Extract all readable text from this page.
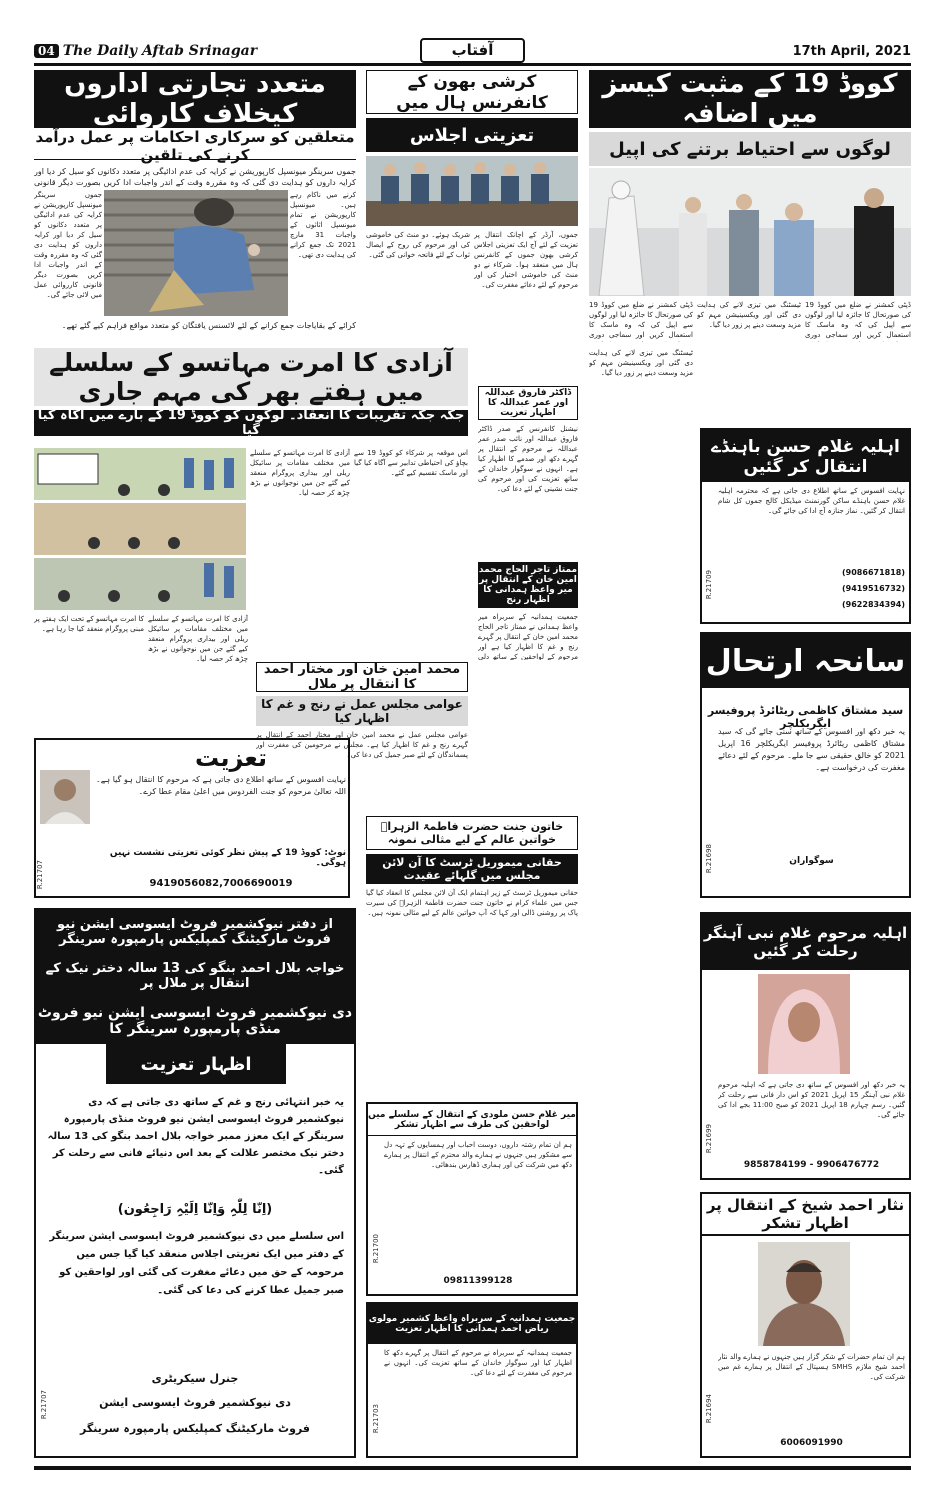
04 The Daily Aftab Srinagar	17th April, 2021
آفتاب
متعدد تجارتی اداروں کیخلاف کاروائی
متعلقین کو سرکاری احکامات پر عمل درآمد کرنے کی تلقین
جموں سرینگر میونسپل کارپوریشن نے کرایہ کی عدم ادائیگی پر متعدد دکانوں کو سیل کر دیا اور کرایہ داروں کو ہدایت دی گئی کہ وہ مقررہ وقت کے اندر واجبات ادا کریں بصورت دیگر قانونی
کرنے میں ناکام رہے ہیں۔ میونسپل کارپوریشن نے تمام میونسپل اثاثوں کے واجبات 31 مارچ 2021 تک جمع کرانے کی ہدایت دی تھی۔
جموں سرینگر میونسپل کارپوریشن نے کرایہ کی عدم ادائیگی پر متعدد دکانوں کو سیل کر دیا اور کرایہ داروں کو ہدایت دی گئی کہ وہ مقررہ وقت کے اندر واجبات ادا کریں بصورت دیگر قانونی کارروائی عمل میں لائی جائے گی۔
کرائے کے بقایاجات جمع کرانے کے لئے لائسنس یافتگان کو متعدد مواقع فراہم کیے گئے تھے۔
کرشی بھون کے کانفرنس ہال میں
تعزیتی اجلاس
جموں، آرڈر کے اچانک انتقال پر تعزیت کے لئے آج ایک تعزیتی اجلاس کرشی بھون جموں کے کانفرنس ہال میں منعقد ہوا۔ شرکاء نے دو منٹ کی خاموشی اختیار کی اور مرحوم کے لئے دعائے مغفرت کی۔
شریک ہوئے۔ دو منٹ کی خاموشی کی اور مرحوم کی روح کے ایصال ثواب کے لئے فاتحہ خوانی کی گئی۔
کووڈ 19 کے مثبت کیسز میں اضافہ
لوگوں سے احتیاط برتنے کی اپیل
ڈپٹی کمشنر نے ضلع میں کووڈ 19 کی صورتحال کا جائزہ لیا اور لوگوں سے اپیل کی کہ وہ ماسک کا استعمال کریں اور سماجی دوری
ٹیسٹنگ میں تیزی لانے کی ہدایت دی گئی اور ویکسینیشن مہم کو مزید وسعت دینے پر زور دیا گیا۔
ڈپٹی کمشنر نے ضلع میں کووڈ 19 کی صورتحال کا جائزہ لیا اور لوگوں سے اپیل کی کہ وہ ماسک کا استعمال کریں اور سماجی دوری
آزادی کا امرت مہاتسو کے سلسلے میں ہفتے بھر کی مہم جاری
جگہ جگہ تقریبات کا انعقاد۔ لوگوں کو کووڈ 19 کے بارے میں آگاہ کیا گیا
آزادی کا امرت مہاتسو کے سلسلے میں مختلف مقامات پر سائیکل ریلی اور بیداری پروگرام منعقد کیے گئے جن میں نوجوانوں نے بڑھ چڑھ کر حصہ لیا۔
اس موقعہ پر شرکاء کو کووڈ 19 سے بچاؤ کی احتیاطی تدابیر سے آگاہ کیا گیا اور ماسک تقسیم کیے گئے۔
کا امرت مہاتسو کے تحت ایک ہفتے پر مبنی پروگرام منعقد کیا جا رہا ہے۔
آزادی کا امرت مہاتسو کے سلسلے میں مختلف مقامات پر سائیکل ریلی اور بیداری پروگرام منعقد کیے گئے جن میں نوجوانوں نے بڑھ چڑھ کر حصہ لیا۔
محمد امین خان اور مختار احمد کا انتقال پر ملال
عوامی مجلس عمل نے رنج و غم کا اظہار کیا
عوامی مجلس عمل نے محمد امین خان اور مختار احمد کے انتقال پر گہرے رنج و غم کا اظہار کیا ہے۔ مجلس نے مرحومین کی مغفرت اور پسماندگان کے لئے صبر جمیل کی دعا کی۔
ڈاکٹر فاروق عبداللہ اور عمر عبداللہ کا اظہار تعزیت
نیشنل کانفرنس کے صدر ڈاکٹر فاروق عبداللہ اور نائب صدر عمر عبداللہ نے مرحوم کے انتقال پر گہرے دکھ اور صدمے کا اظہار کیا ہے۔ انہوں نے سوگوار خاندان کے ساتھ تعزیت کی اور مرحوم کی جنت نشینی کے لئے دعا کی۔
ممتاز تاجر الحاج محمد امین خان کے انتقال پر میر واعظ ہمدانی کا اظہار رنج
جمعیت ہمدانیہ کے سربراہ میر واعظ ہمدانی نے ممتاز تاجر الحاج محمد امین خان کے انتقال پر گہرے رنج و غم کا اظہار کیا ہے اور مرحوم کے لواحقین کے ساتھ دلی
خاتون جنت حضرت فاطمۃ الزہراؑ خواتین عالم کے لیے مثالی نمونہ
حقانی میموریل ٹرسٹ کا آن لائن مجلس میں گلہائے عقیدت
حقانی میموریل ٹرسٹ کے زیر اہتمام ایک آن لائن مجلس کا انعقاد کیا گیا جس میں علماء کرام نے خاتون جنت حضرت فاطمۃ الزہراؑ کی سیرت پاک پر روشنی ڈالی اور کہا کہ آپ خواتین عالم کے لیے مثالی نمونہ ہیں۔
تعزیت
نہایت افسوس کے ساتھ اطلاع دی جاتی ہے کہ مرحوم کا انتقال ہو گیا ہے۔ اللہ تعالیٰ مرحوم کو جنت الفردوس میں اعلیٰ مقام عطا کرے۔
نوٹ: کووڈ 19 کے پیش نظر کوئی تعزیتی نشست نہیں ہوگی۔
9419056082,7006690019
از دفتر نیوکشمیر فروٹ ایسوسی ایشن نیو فروٹ مارکیٹنگ کمپلیکس پارمپورہ سرینگر
خواجہ بلال احمد بنگو کی 13 سالہ دختر نیک کے انتقال پر ملال پر
دی نیوکشمیر فروٹ ایسوسی ایشن نیو فروٹ منڈی پارمپورہ سرینگر کا
اظہار تعزیت
یہ خبر انتہائی رنج و غم کے ساتھ دی جاتی ہے کہ دی نیوکشمیر فروٹ ایسوسی ایشن نیو فروٹ منڈی پارمپورہ سرینگر کے ایک معزز ممبر خواجہ بلال احمد بنگو کی 13 سالہ دختر نیک مختصر علالت کے بعد اس دنیائے فانی سے رحلت کر گئی۔
(اِنّا لِلّٰہِ وَاِنّا اِلَیْہِ رَاجِعُون)
اس سلسلے میں دی نیوکشمیر فروٹ ایسوسی ایشن سرینگر کے دفتر میں ایک تعزیتی اجلاس منعقد کیا گیا جس میں مرحومہ کے حق میں دعائے مغفرت کی گئی اور لواحقین کو صبر جمیل عطا کرنے کی دعا کی گئی۔
جنرل سیکریٹری
دی نیوکشمیر فروٹ ایسوسی ایشن
فروٹ مارکیٹنگ کمپلیکس پارمپورہ سرینگر
R.21707
میر غلام حسن ملودی کے انتقال کے سلسلے میں لواحقین کی طرف سے اظہار تشکر
ہم ان تمام رشتہ داروں، دوست احباب اور ہمسایوں کے تہہ دل سے مشکور ہیں جنہوں نے ہمارے والد محترم کے انتقال پر ہمارے دکھ میں شرکت کی اور ہماری ڈھارس بندھائی۔
09811399128
R.21700
جمعیت ہمدانیہ کے سربراہ واعظ کشمیر مولوی ریاض احمد ہمدانی کا اظہار تعزیت
جمعیت ہمدانیہ کے سربراہ نے مرحوم کے انتقال پر گہرے دکھ کا اظہار کیا اور سوگوار خاندان کے ساتھ تعزیت کی۔ انہوں نے مرحوم کی مغفرت کے لئے دعا کی۔
R.21703
اہلیہ غلام حسن باہنڈے انتقال کر گئیں
نہایت افسوس کے ساتھ اطلاع دی جاتی ہے کہ محترمہ اہلیہ غلام حسن باہنڈے ساکن گورنمنٹ میڈیکل کالج جموں کل شام انتقال کر گئیں۔ نماز جنازہ آج ادا کی جائے گی۔
(9086671818)
(9419516732)
(9622834394)
R.21709
سانحہ ارتحال
سید مشتاق کاظمی ریٹائرڈ پروفیسر ایگریکلچر
یہ خبر دکھ اور افسوس کے ساتھ سنی جائے گی کہ سید مشتاق کاظمی ریٹائرڈ پروفیسر ایگریکلچر 16 اپریل 2021 کو خالق حقیقی سے جا ملے۔ مرحوم کے لئے دعائے مغفرت کی درخواست ہے۔
سوگواران
R.21698
اہلیہ مرحوم غلام نبی آہنگر رحلت کر گئیں
یہ خبر دکھ اور افسوس کے ساتھ دی جاتی ہے کہ اہلیہ مرحوم غلام نبی آہنگر 15 اپریل 2021 کو اس دار فانی سے رحلت کر گئیں۔ رسم چہارم 18 اپریل 2021 کو صبح 11:00 بجے ادا کی جائے گی۔
9858784199 - 9906476772
R.21699
نثار احمد شیخ کے انتقال پر اظہار تشکر
ہم ان تمام حضرات کے شکر گزار ہیں جنہوں نے ہمارے والد نثار احمد شیخ ملازم SMHS ہسپتال کے انتقال پر ہمارے غم میں شرکت کی۔
6006091990
R.21694
ٹیسٹنگ میں تیزی لانے کی ہدایت دی گئی اور ویکسینیشن مہم کو مزید وسعت دینے پر زور دیا گیا۔
R.21707
